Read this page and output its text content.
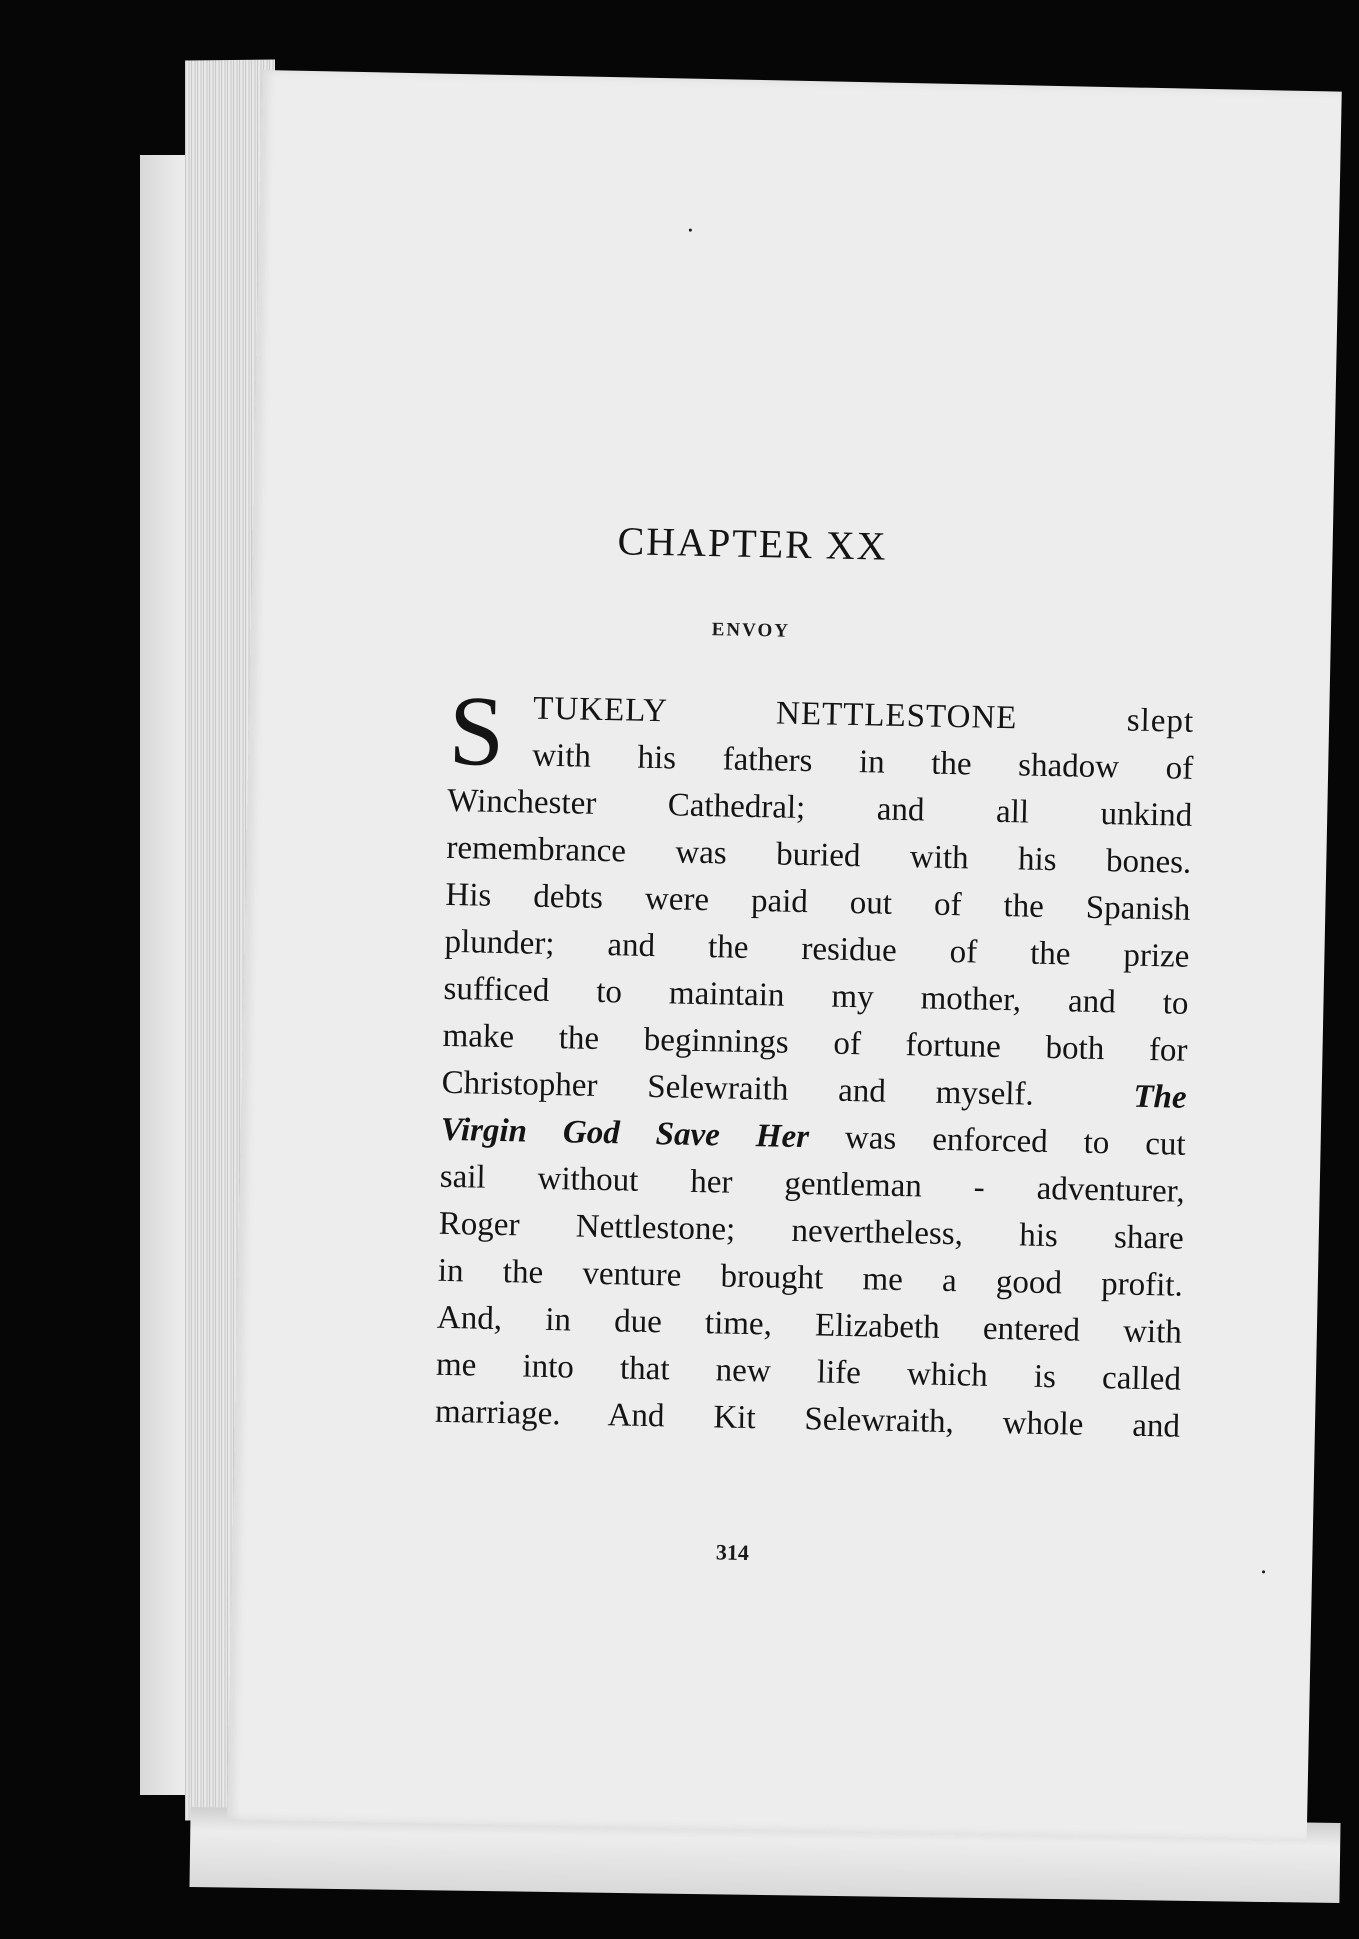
CHAPTER XX
ENVOY
S TUKELY NETTLESTONE slept
with his fathers in the shadow of
Winchester Cathedral; and all unkind
remembrance was buried with his bones.
His debts were paid out of the Spanish
plunder; and the residue of the prize
sufficed to maintain my mother, and to
make the beginnings of fortune both for
Christopher Selewraith and myself.	The
Virgin God Save Her was enforced to cut
sail without her gentleman - adventurer,
Roger Nettlestone; nevertheless, his share
in the venture brought me a good profit.
And, in due time, Elizabeth entered with
me into that new life which is called
marriage. And Kit Selewraith, whole and
314
